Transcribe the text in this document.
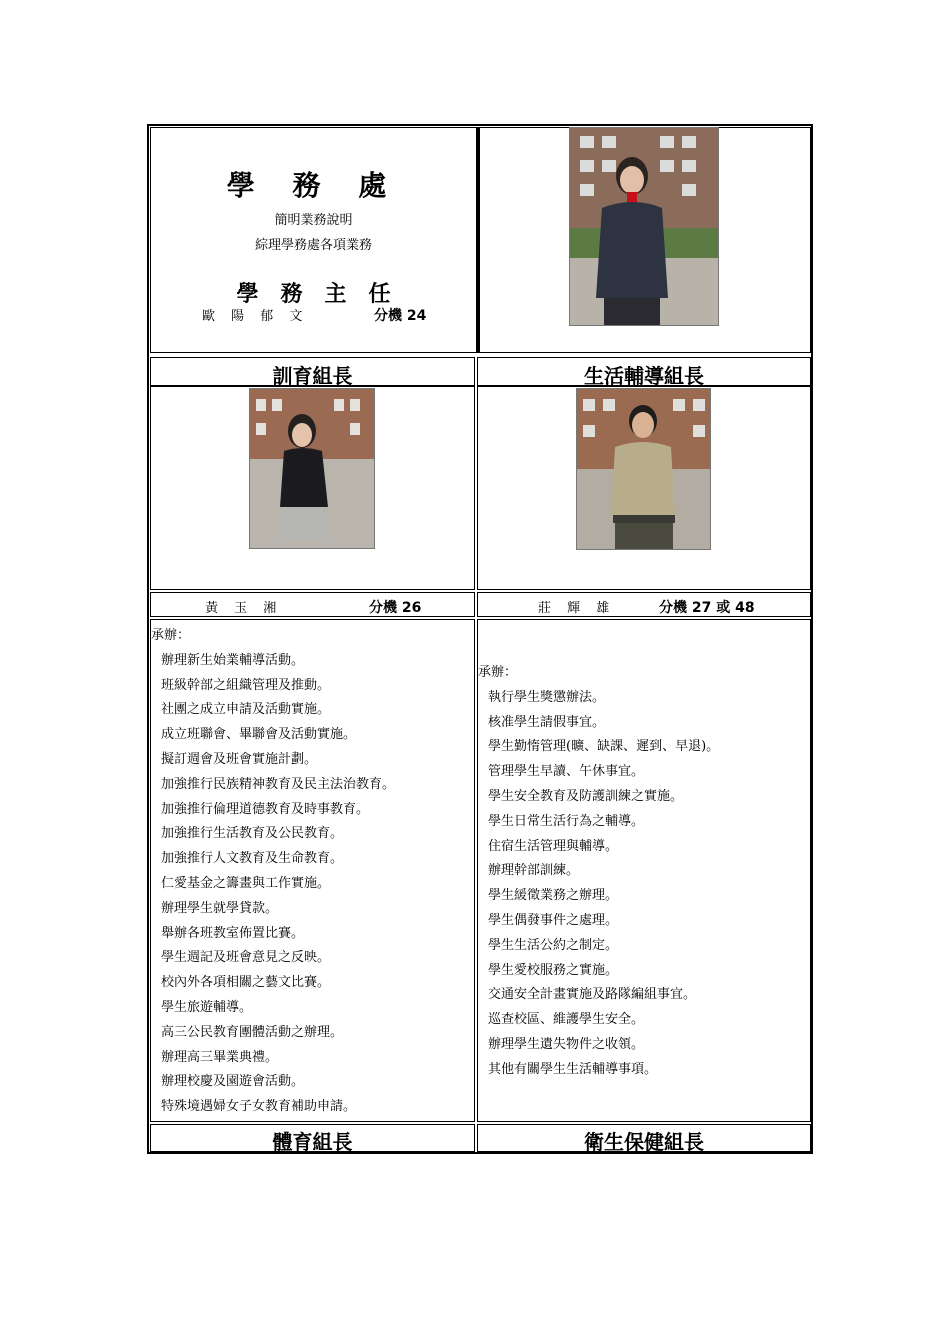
學 務 處
簡明業務說明
綜理學務處各項業務
學　務　主　任
歐 陽 郁 文	分機 24
訓育組長	生活輔導組長
黃 玉 湘	分機 26	莊 輝 雄	分機 27 或 48
承辦：
辦理新生始業輔導活動。
班級幹部之組織管理及推動。
社團之成立申請及活動實施。
成立班聯會、畢聯會及活動實施。
擬訂週會及班會實施計劃。
加強推行民族精神教育及民主法治教育。
加強推行倫理道德教育及時事教育。
加強推行生活教育及公民教育。
加強推行人文教育及生命教育。
仁愛基金之籌畫與工作實施。
辦理學生就學貸款。
舉辦各班教室佈置比賽。
學生週記及班會意見之反映。
校內外各項相關之藝文比賽。
學生旅遊輔導。
高三公民教育團體活動之辦理。
辦理高三畢業典禮。
辦理校慶及園遊會活動。
特殊境遇婦女子女教育補助申請。
承辦：
執行學生獎懲辦法。
核准學生請假事宜。
學生勤惰管理(曠、缺課、遲到、早退)。
管理學生早讀、午休事宜。
學生安全教育及防護訓練之實施。
學生日常生活行為之輔導。
住宿生活管理與輔導。
辦理幹部訓練。
學生緩徵業務之辦理。
學生偶發事件之處理。
學生生活公約之制定。
學生愛校服務之實施。
交通安全計畫實施及路隊編組事宜。
巡查校區、維護學生安全。
辦理學生遺失物件之收領。
其他有關學生生活輔導事項。
體育組長	衛生保健組長
